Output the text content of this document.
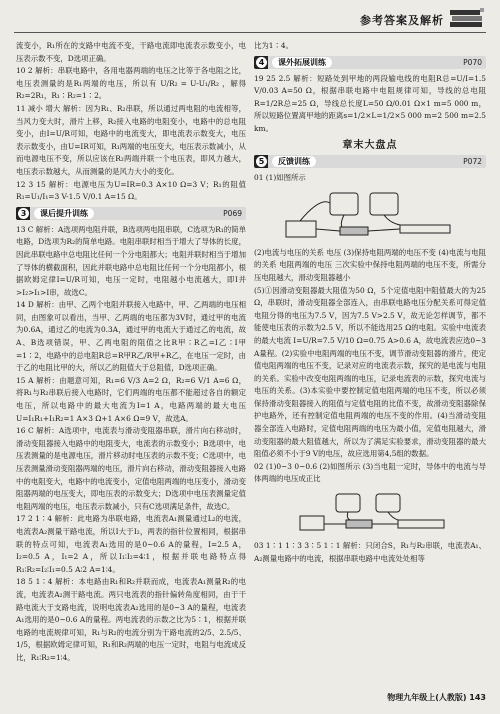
参考答案及解析

流变小，R₁所在的支路中电流不变，干路电流即电流表示数变小，电压表示数不变，D选项正确。

10 2 解析：串联电路中，各用电器两端的电压之比等于各电阻之比，电压表测量的是R₁两端的电压，所以有 U/R₂ = U-U₁/R₂ ，解得 R₂=2R₁，R₁∶R₂=1∶2。

11 减小 增大 解析：因为R₁、R₂串联，所以通过两电阻的电流相等，当风力变大时，滑片上移，R₂接入电路的电阻变小，电路中的总电阻变小，由I=U/R可知，电路中的电流变大，即电流表示数变大，电压表示数变小，由U=IR可知，R₁两端的电压变大，电压表示数减小，从而电源电压不变，所以应该在R₂两端并联一个电压表，即风力越大，电压表示数越大，从而测量的是风力大小的变化。

12 3 15 解析：电源电压为U=IR=0.3 A×10 Ω=3 V；R₁的阻值R₁=U₁/I₁=3 V-1.5 V/0.1 A=15 Ω。

3	课后提升训练	P069

13 C 解析：A选项两电阻并联，B选项两电阻串联，C选项为R₁的简单电路，D选项为R₂的简单电路。电阻串联时相当于增大了导体的长度，因此串联电路中总电阻比任何一个分电阻都大；电阻并联时相当于增加了导体的横截面积，因此并联电路中总电阻比任何一个分电阻都小，根据欧姆定律I=U/R可知，电压一定时，电阻越小电流越大，即I并>I₂>I₁>I串，故选C。

14 D 解析：由甲、乙两个电阻并联接入电路中，甲、乙两端的电压相同，由图象可以看出，当甲、乙两端的电压都为3V时，通过甲的电流为0.6A，通过乙的电流为0.3A，通过甲的电流大于通过乙的电流，故A、B选项错误，甲、乙两电阻的阻值之比R甲∶R乙=I乙∶I甲=1∶2，电路中的总电阻R总=R甲R乙/R甲+R乙，在电压一定时，由于乙的电阻比甲的大，所以乙的阻值大于总阻值，D选项正确。

15 A 解析：由题意可知，R₁=6 V/3 A=2 Ω，R₂=6 V/1 A=6 Ω，将R₁与R₂串联后接入电路时，它们两端的电压都不能超过各自的额定电压，所以电路中的最大电流为I=1 A，电路两端的最大电压U=I₁R₁+I₁R₂=1 A×3 Ω+1 A×6 Ω=9 V，故选A。

16 C 解析：A选项中，电流表与滑动变阻器串联，滑片向右移动时，滑动变阻器接入电路中的电阻变大，电流表的示数变小；B选项中，电压表测量的是电源电压，滑片移动时电压表的示数不变；C选项中，电压表测量滑动变阻器两端的电压，滑片向右移动，滑动变阻器接入电路中的电阻变大，电路中的电流变小，定值电阻两端的电压变小，滑动变阻器两端的电压变大，即电压表的示数变大；D选项中电压表测量定值电阻两端的电压，电压表示数减小，只有C选项满足条件，故选C。

17 2 1∶4 解析：此电路为串联电路，电流表A₁测量通过L₂的电流，电流表A₂测量干路电流，所以I大于I₂，两表的指针位置相同，根据串联的特点可知，电流表A₁选用的是0~0.6 A的量程，I=2.5 A，I₂=0.5 A，I₁=2 A，所以I₁∶I₂=4∶1，根据并联电路特点得R₁∶R₂=I₂∶I₁=0.5 A∶2 A=1∶4。

18 5 1∶4 解析：本电路由R₁和R₂并联而成，电流表A₁测量R₂的电流，电流表A₂测干路电流。两只电流表的指针偏转角度相同，由于干路电流大于支路电流，说明电流表A₂选用的是0~3 A的量程，电流表A₁选用的是0~0.6 A的量程。两电流表的示数之比为5∶1，根据并联电路的电流规律可知，R₁与R₂的电流分别为干路电流的2/5、2.5/5、1/5，根据欧姆定律可知，R₁和R₂两端的电压一定时，电阻与电流成反比，R₁∶R₂=1∶4。

比为1∶4。

4	课外拓展训练	P070

19 25 2.5 解析：短路处到甲地的两段输电线的电阻R总=U/I=1.5 V/0.03 A=50 Ω，根据串联电路中电阻规律可知，导线的总电阻R=1/2R总=25 Ω，导线总长度L=50 Ω/0.01 Ω×1 m=5 000 m，所以短路位置离甲地的距离s=1/2×L=1/2×5 000 m=2 500 m=2.5 km。

章末大盘点
5	反馈训练	P072

01 (1)如图所示

(2)电流与电压的关系 电压 (3)保持电阻两端的电压不变 (4)电流与电阻的关系 电阻两端的电压 三次实验中保持电阻两端的电压不变，所需分压电阻越大，滑动变阻器越小

(5)①因滑动变阻器最大阻值为50 Ω，5个定值电阻中阻值最大的为25 Ω，串联时，滑动变阻器全部连入，由串联电路电压分配关系可得定值电阻分得的电压为7.5 V，因为7.5 V>2.5 V，故无论怎样调节，都不能使电压表的示数为2.5 V，所以不能选用25 Ω的电阻。实验中电流表的最大电流 I=U/R=7.5 V/10 Ω=0.75 A>0.6 A，故电流表应选0~3 A量程。(2)实验中电阻两端的电压不变，调节滑动变阻器的滑片，使定值电阻两端的电压不变，记录对应的电流表示数，探究的是电流与电阻的关系。实验中改变电阻两端的电压，记录电流表的示数，探究电流与电压的关系。(3)本实验中要控制定值电阻两端的电压不变，所以必须保持滑动变阻器接入的阻值与定值电阻的比值不变，故滑动变阻器除保护电路外，还有控制定值电阻两端的电压不变的作用。(4)当滑动变阻器全部连入电路时，定值电阻两端的电压为最小值，定值电阻越大，滑动变阻器的最大阻值越大，所以为了满足实验要求，滑动变阻器的最大阻值必须不小于9 V的电压，故应选用第4,5组的数据。

02 (1)0~3 0~0.6 (2)如图所示 (3)当电阻一定时，导体中的电流与导体两端的电压成正比

03 1∶1 1∶3 3∶5 1∶1 解析：只闭合S，R₁与R₂串联，电流表A₁、A₂测量电路中的电流，根据串联电路中电流处处相等

物理九年级上(人教版) 143
